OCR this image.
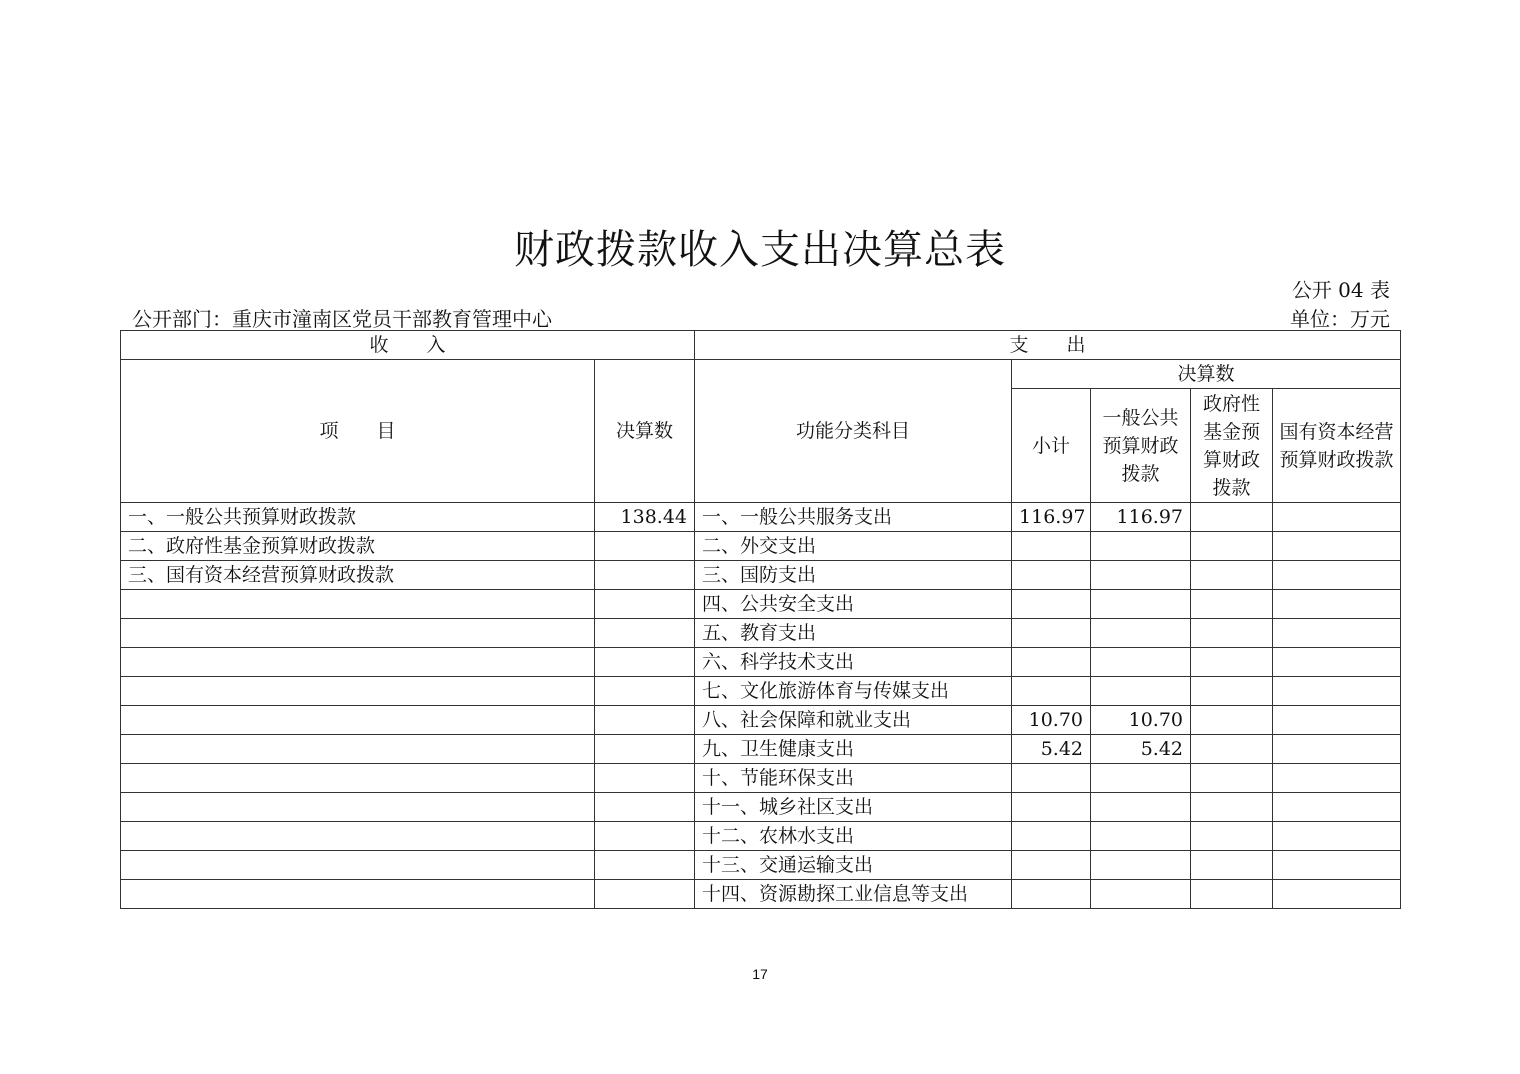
财政拨款收入支出决算总表
公开 04 表
公开部门：重庆市潼南区党员干部教育管理中心	单位：万元
收　　入		支　　出				
项　　目	决算数	功能分类科目	决算数			
			小计	一般公共预算财政拨款	政府性基金预算财政拨款	国有资本经营预算财政拨款
一、一般公共预算财政拨款	138.44	一、一般公共服务支出	116.97	116.97		
二、政府性基金预算财政拨款		二、外交支出				
三、国有资本经营预算财政拨款		三、国防支出				
		四、公共安全支出				
		五、教育支出				
		六、科学技术支出				
		七、文化旅游体育与传媒支出				
		八、社会保障和就业支出	10.70	10.70		
		九、卫生健康支出	5.42	5.42		
		十、节能环保支出				
		十一、城乡社区支出				
		十二、农林水支出				
		十三、交通运输支出				
		十四、资源勘探工业信息等支出				
17
